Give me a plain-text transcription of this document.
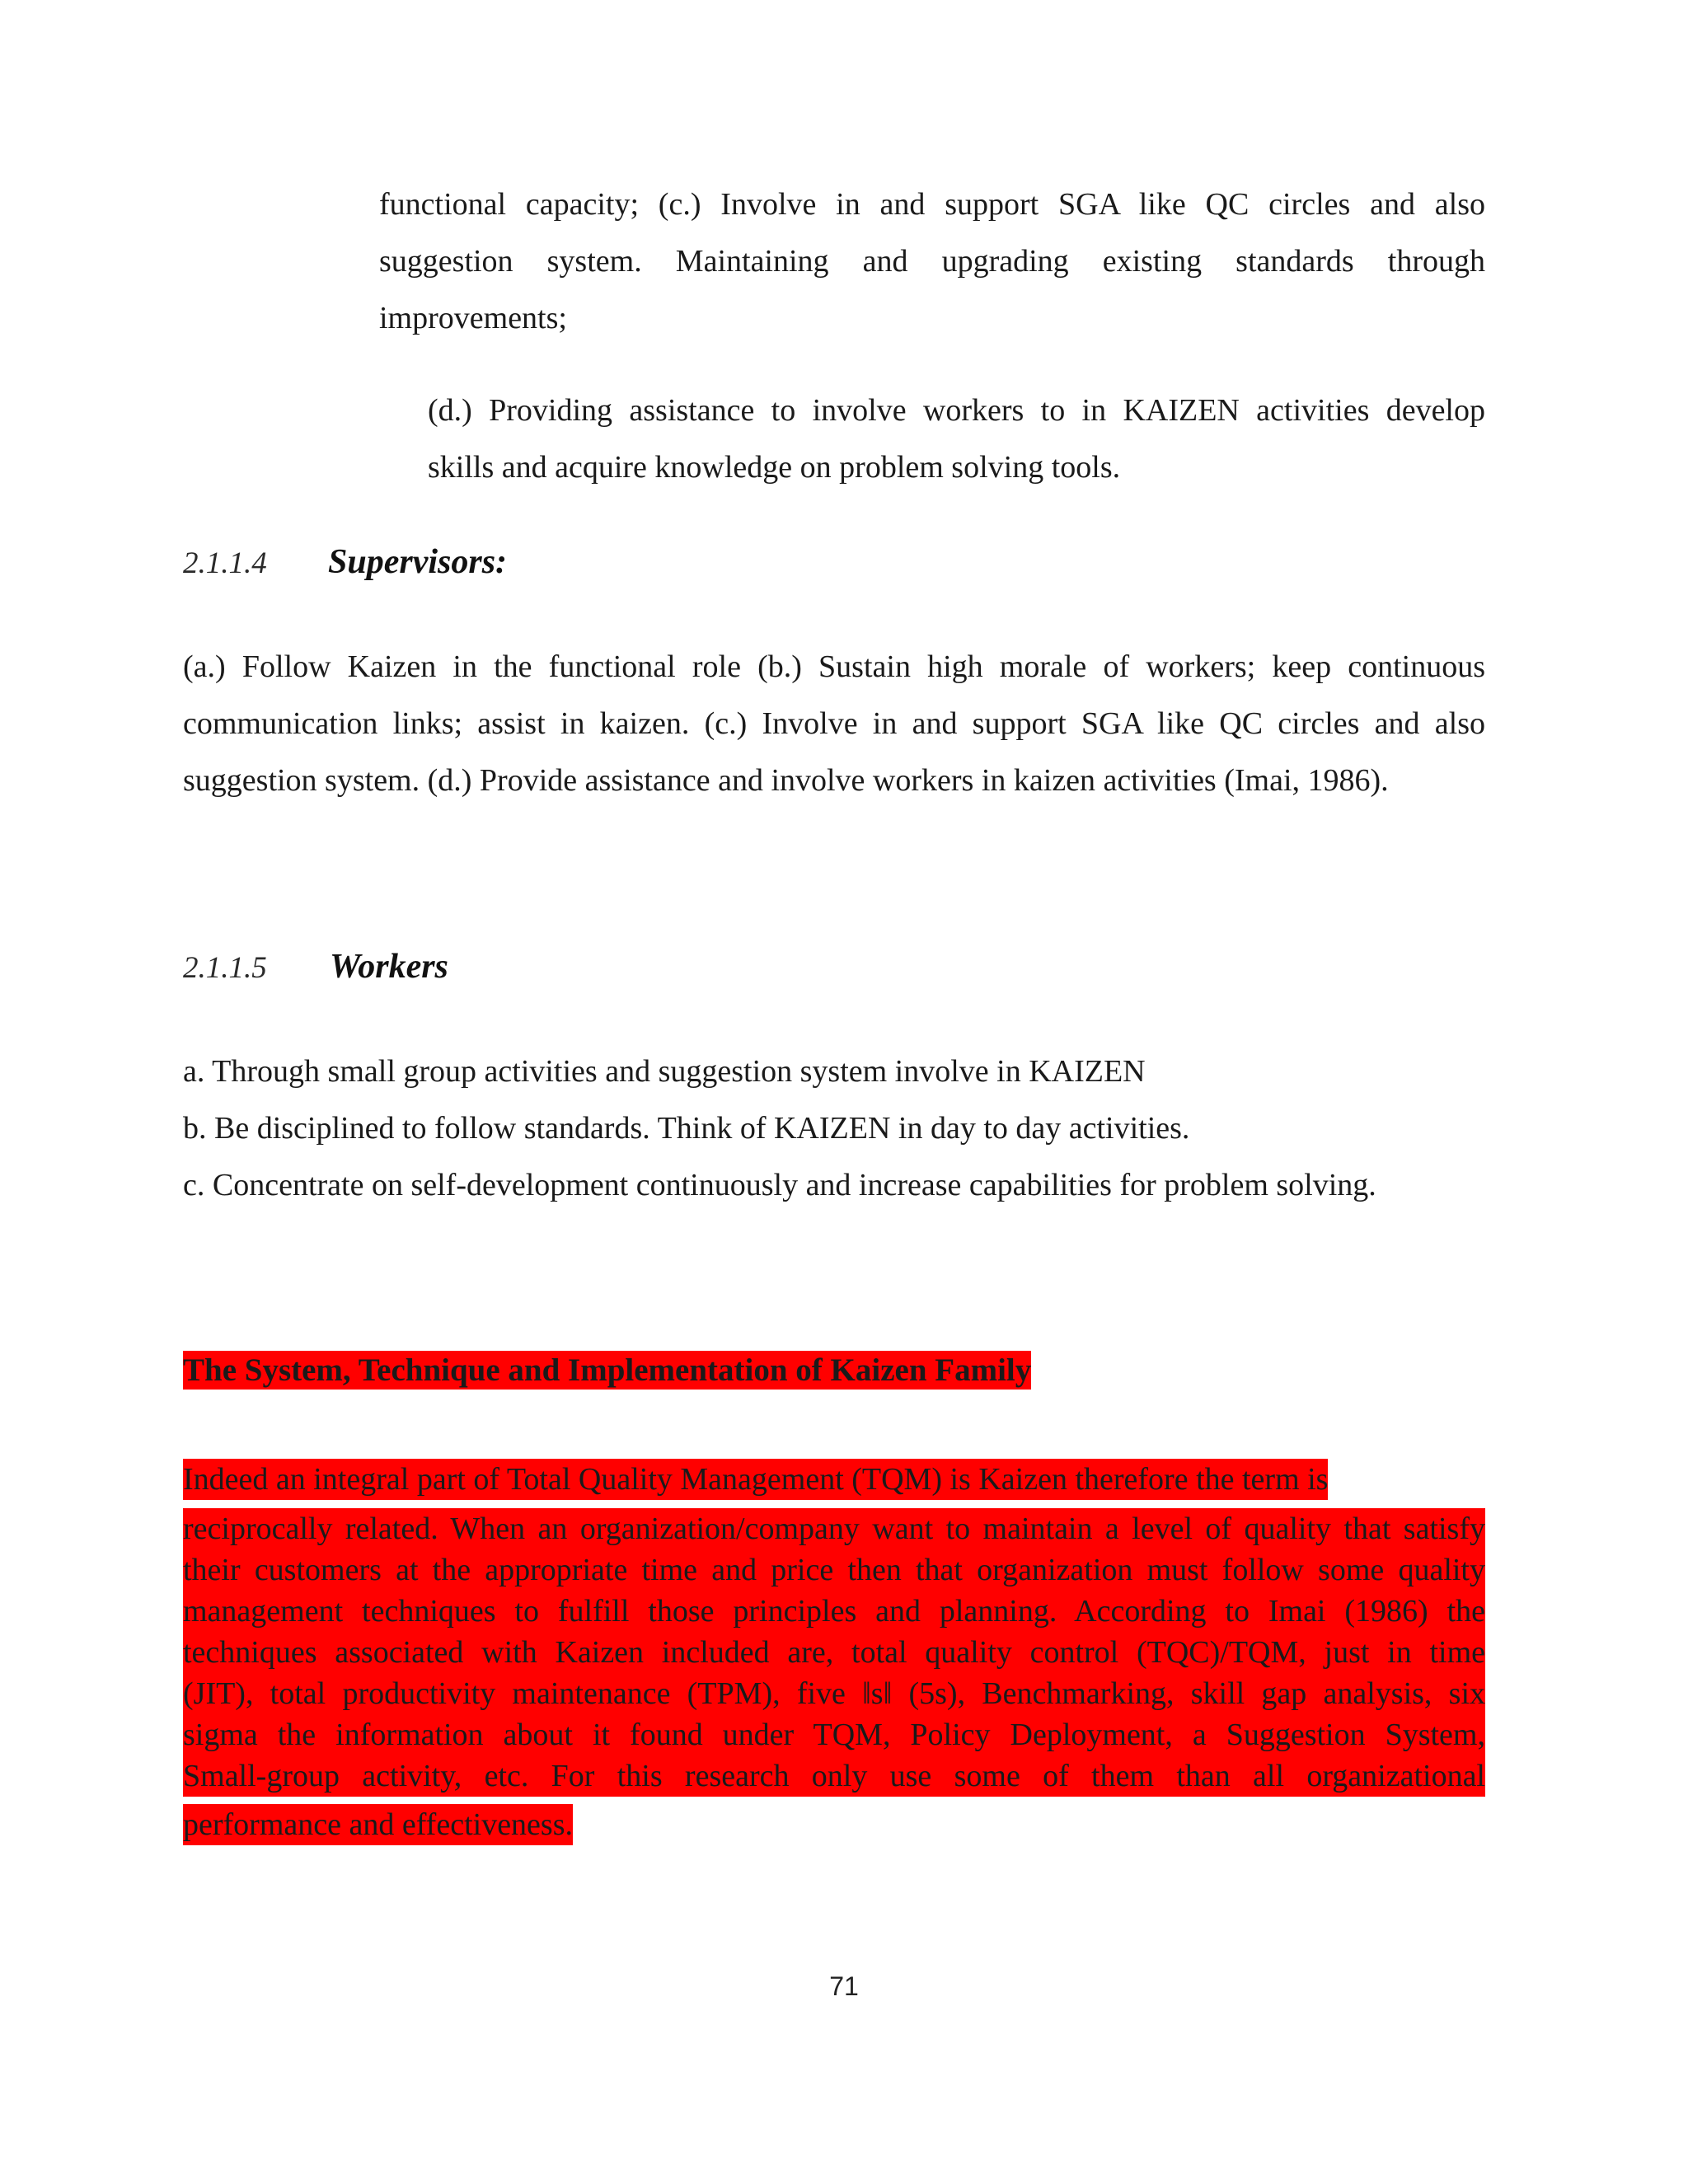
functional capacity; (c.) Involve in and support SGA like QC circles and also
suggestion system. Maintaining and upgrading existing standards through
improvements;
(d.) Providing assistance to involve workers to in KAIZEN activities develop
skills and acquire knowledge on problem solving tools.
2.1.1.4 Supervisors:
(a.) Follow Kaizen in the functional role (b.) Sustain high morale of workers; keep continuous
communication links; assist in kaizen. (c.) Involve in and support SGA like QC circles and also
suggestion system. (d.) Provide assistance and involve workers in kaizen activities (Imai, 1986).
2.1.1.5 Workers
a. Through small group activities and suggestion system involve in KAIZEN
b. Be disciplined to follow standards. Think of KAIZEN in day to day activities.
c. Concentrate on self-development continuously and increase capabilities for problem solving.
The System, Technique and Implementation of Kaizen Family
Indeed an integral part of Total Quality Management (TQM) is Kaizen therefore the term is
reciprocally related. When an organization/company want to maintain a level of quality that satisfy
their customers at the appropriate time and price then that organization must follow some quality
management techniques to fulfill those principles and planning. According to Imai (1986) the
techniques associated with Kaizen included are, total quality control (TQC)/TQM, just in time
(JIT), total productivity maintenance (TPM), five ‖s‖ (5s), Benchmarking, skill gap analysis, six
sigma the information about it found under TQM, Policy Deployment, a Suggestion System,
Small-group activity, etc. For this research only use some of them than all organizational
performance and effectiveness.
71
